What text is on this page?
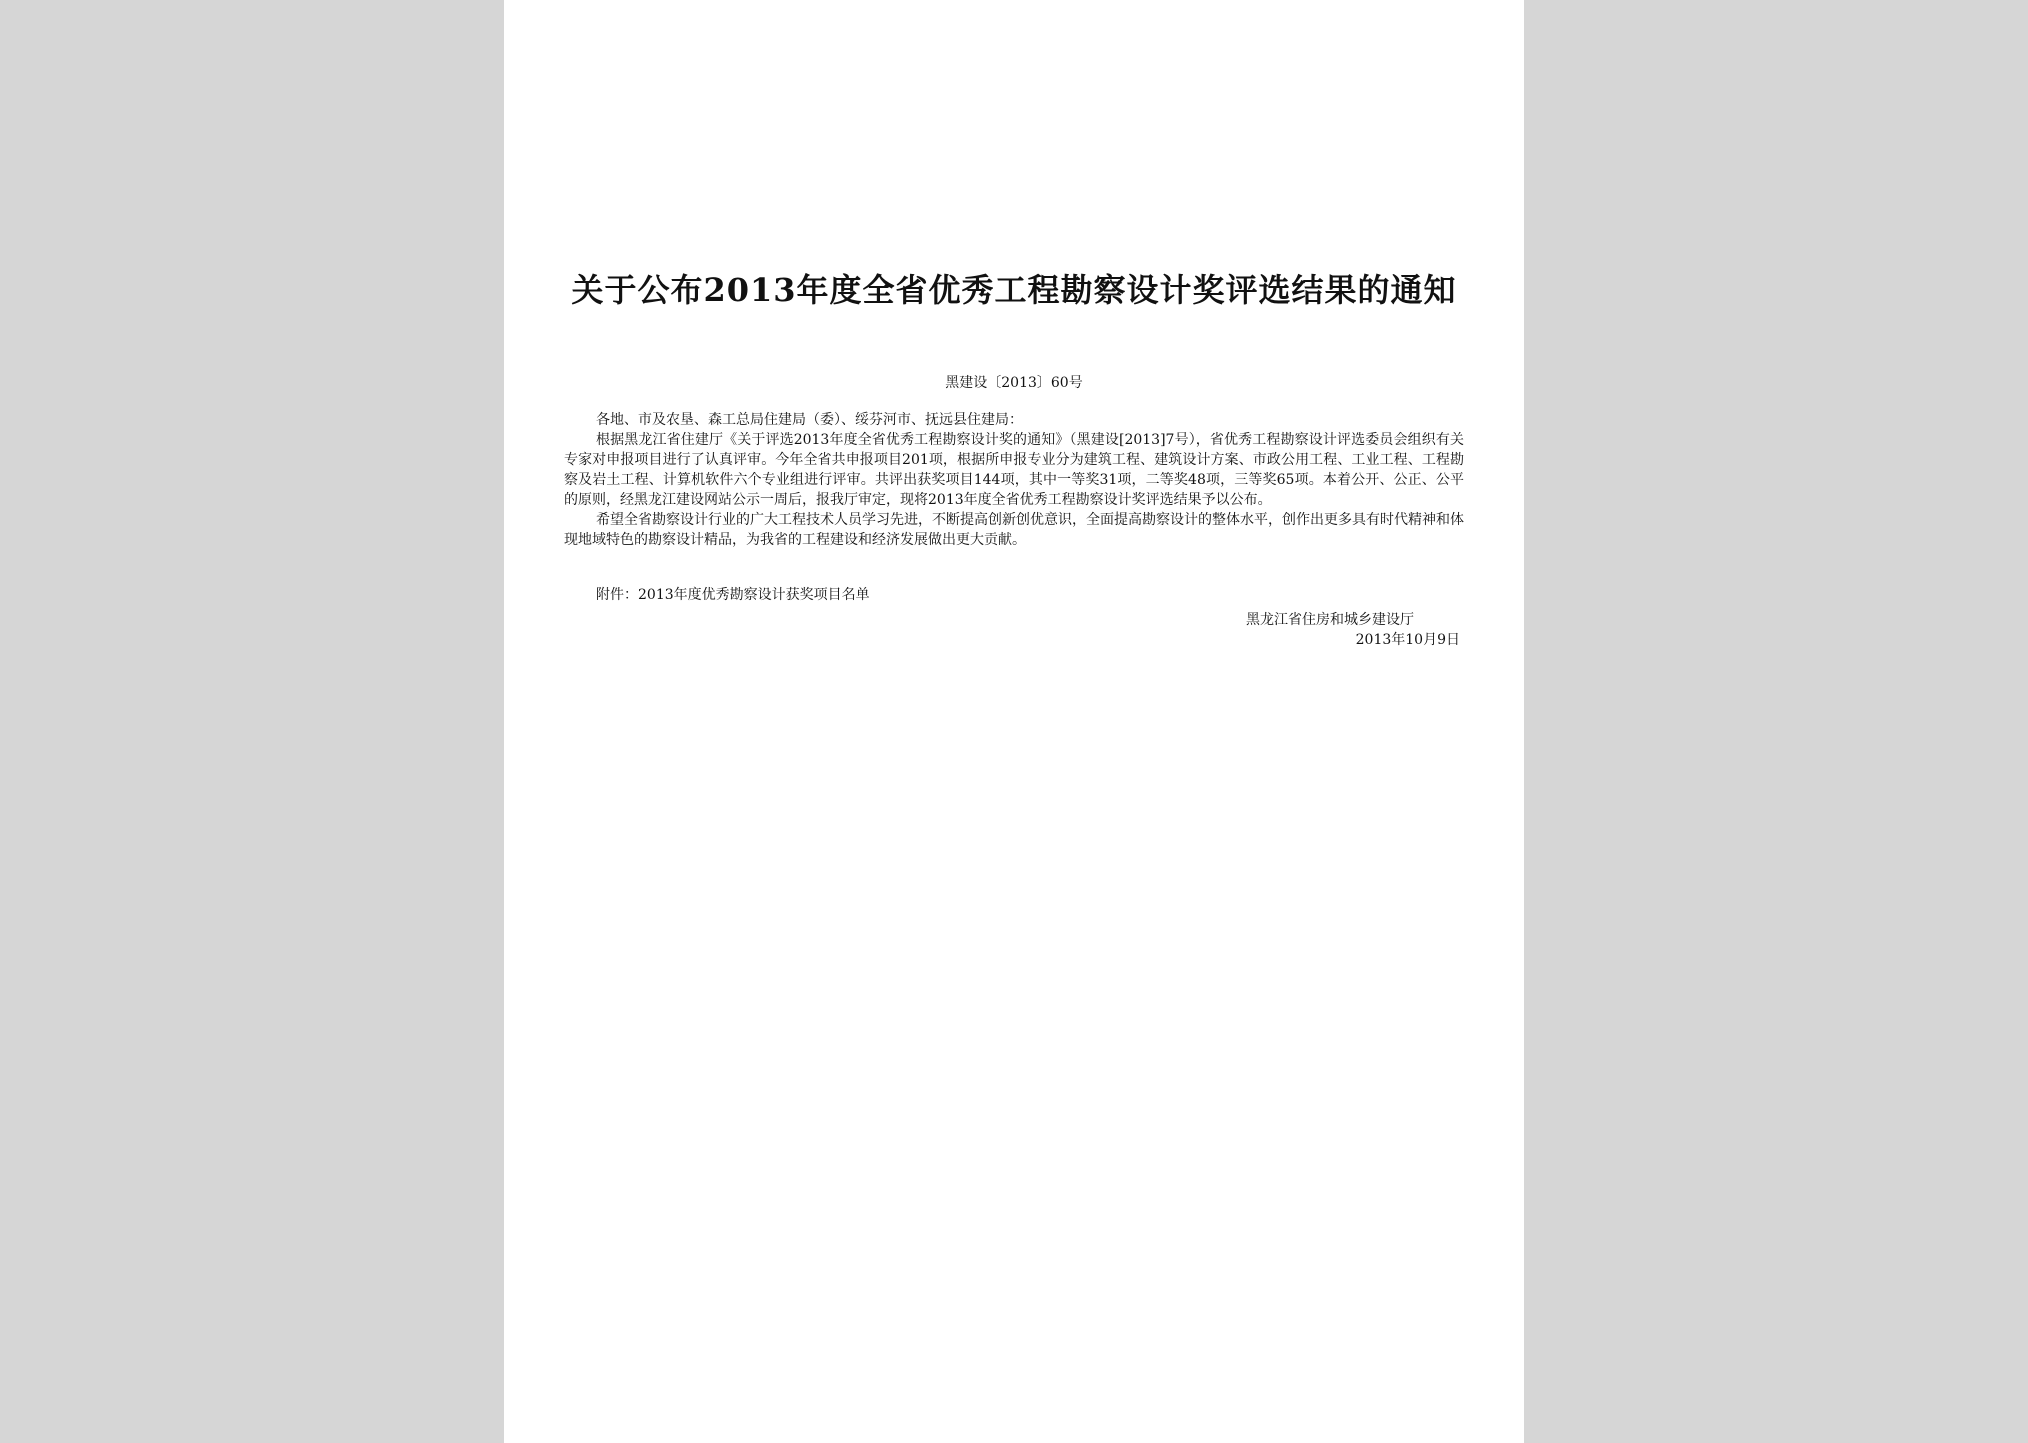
关于公布2013年度全省优秀工程勘察设计奖评选结果的通知
黑建设〔2013〕60号

各地、市及农垦、森工总局住建局（委）、绥芬河市、抚远县住建局：

根据黑龙江省住建厅《关于评选2013年度全省优秀工程勘察设计奖的通知》（黑建设[2013]7号），省优秀工程勘察设计评选委员会组织有关专家对申报项目进行了认真评审。今年全省共申报项目201项，根据所申报专业分为建筑工程、建筑设计方案、市政公用工程、工业工程、工程勘察及岩土工程、计算机软件六个专业组进行评审。共评出获奖项目144项，其中一等奖31项，二等奖48项，三等奖65项。本着公开、公正、公平的原则，经黑龙江建设网站公示一周后，报我厅审定，现将2013年度全省优秀工程勘察设计奖评选结果予以公布。

希望全省勘察设计行业的广大工程技术人员学习先进，不断提高创新创优意识，全面提高勘察设计的整体水平，创作出更多具有时代精神和体现地域特色的勘察设计精品，为我省的工程建设和经济发展做出更大贡献。

附件：2013年度优秀勘察设计获奖项目名单
黑龙江省住房和城乡建设厅
2013年10月9日
